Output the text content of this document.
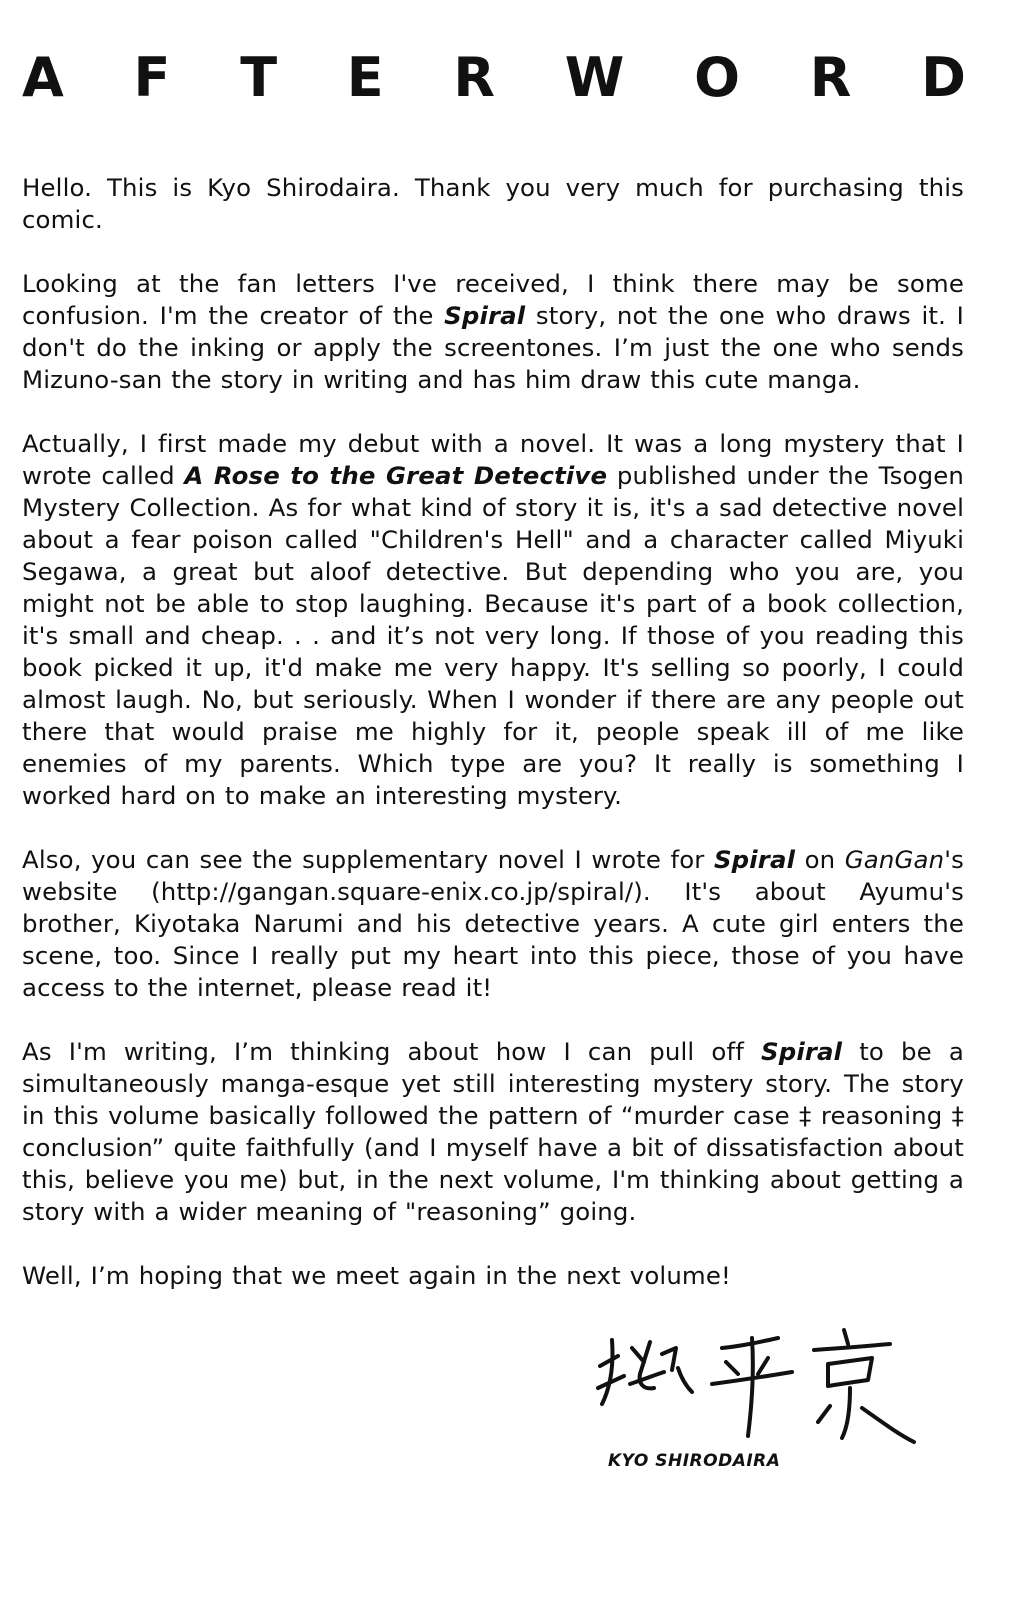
A F T E R W O R D

Hello. This is Kyo Shirodaira. Thank you very much for purchasing this comic.

Looking at the fan letters I've received, I think there may be some confusion. I'm the creator of the Spiral story, not the one who draws it. I don't do the inking or apply the screentones. I’m just the one who sends Mizuno-san the story in writing and has him draw this cute manga.

Actually, I first made my debut with a novel. It was a long mystery that I wrote called A Rose to the Great Detective published under the Tsogen Mystery Collection. As for what kind of story it is, it's a sad detective novel about a fear poison called "Children's Hell" and a character called Miyuki Segawa, a great but aloof detective. But depending who you are, you might not be able to stop laughing. Because it's part of a book collection, it's small and cheap. . . and it’s not very long. If those of you reading this book picked it up, it'd make me very happy. It's selling so poorly, I could almost laugh. No, but seriously. When I wonder if there are any people out there that would praise me highly for it, people speak ill of me like enemies of my parents. Which type are you? It really is something I worked hard on to make an interesting mystery.

Also, you can see the supplementary novel I wrote for Spiral on GanGan's website (http://gangan.square-enix.co.jp/spiral/). It's about Ayumu's brother, Kiyotaka Narumi and his detective years. A cute girl enters the scene, too. Since I really put my heart into this piece, those of you have access to the internet, please read it!

As I'm writing, I’m thinking about how I can pull off Spiral to be a simultaneously manga-esque yet still interesting mystery story. The story in this volume basically followed the pattern of “murder case ‡ reasoning ‡ conclusion” quite faithfully (and I myself have a bit of dissatisfaction about this, believe you me) but, in the next volume, I'm thinking about getting a story with a wider meaning of "reasoning” going.

Well, I’m hoping that we meet again in the next volume!

KYO SHIRODAIRA
